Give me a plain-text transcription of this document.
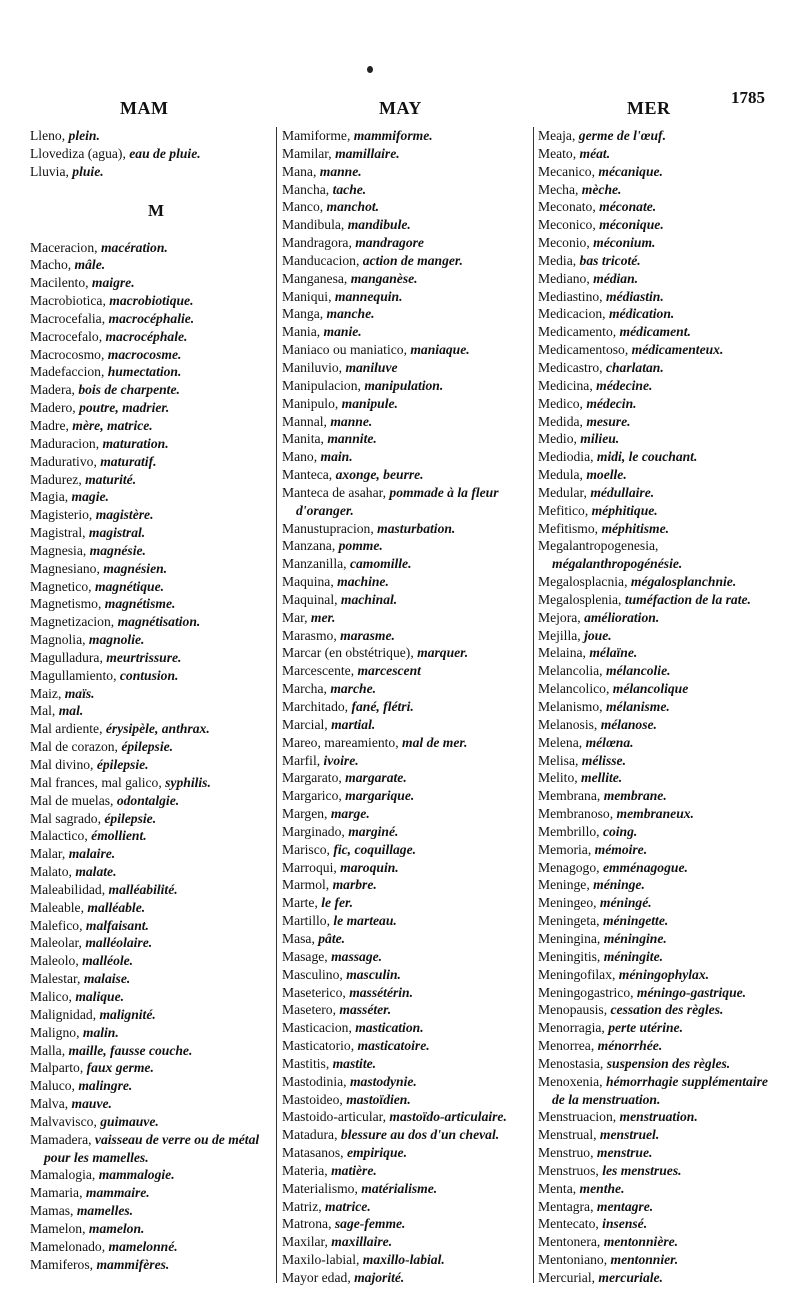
MAM	MAY	MER
1785
Lleno, plein.
Llovediza (agua), eau de pluie.
Lluvia, pluie.
M
Maceracion, macération.
Macho, mâle.
Macilento, maigre.
Macrobiotica, macrobiotique.
Macrocefalia, macrocéphalie.
Macrocefalo, macrocéphale.
Macrocosmo, macrocosme.
Madefaccion, humectation.
Madera, bois de charpente.
Madero, poutre, madrier.
Madre, mère, matrice.
Maduracion, maturation.
Madurativo, maturatif.
Madurez, maturité.
Magia, magie.
Magisterio, magistère.
Magistral, magistral.
Magnesia, magnésie.
Magnesiano, magnésien.
Magnetico, magnétique.
Magnetismo, magnétisme.
Magnetizacion, magnétisation.
Magnolia, magnolie.
Magulladura, meurtrissure.
Magullamiento, contusion.
Maiz, maïs.
Mal, mal.
Mal ardiente, érysipèle, anthrax.
Mal de corazon, épilepsie.
Mal divino, épilepsie.
Mal frances, mal galico, syphilis.
Mal de muelas, odontalgie.
Mal sagrado, épilepsie.
Malactico, émollient.
Malar, malaire.
Malato, malate.
Maleabilidad, malléabilité.
Maleable, malléable.
Malefico, malfaisant.
Maleolar, malléolaire.
Maleolo, malléole.
Malestar, malaise.
Malico, malique.
Malignidad, malignité.
Maligno, malin.
Malla, maille, fausse couche.
Malparto, faux germe.
Maluco, malingre.
Malva, mauve.
Malvavisco, guimauve.
Mamadera, vaisseau de verre ou de métal pour les mamelles.
Mamalogia, mammalogie.
Mamaria, mammaire.
Mamas, mamelles.
Mamelon, mamelon.
Mamelonado, mamelonné.
Mamiferos, mammifères.
Mamiforme, mammiforme.
Mamilar, mamillaire.
Mana, manne.
Mancha, tache.
Manco, manchot.
Mandibula, mandibule.
Mandragora, mandragore
Manducacion, action de manger.
Manganesa, manganèse.
Maniqui, mannequin.
Manga, manche.
Mania, manie.
Maniaco ou maniatico, maniaque.
Maniluvio, maniluve
Manipulacion, manipulation.
Manipulo, manipule.
Mannal, manne.
Manita, mannite.
Mano, main.
Manteca, axonge, beurre.
Manteca de asahar, pommade à la fleur d'oranger.
Manustupracion, masturbation.
Manzana, pomme.
Manzanilla, camomille.
Maquina, machine.
Maquinal, machinal.
Mar, mer.
Marasmo, marasme.
Marcar (en obstétrique), marquer.
Marcescente, marcescent
Marcha, marche.
Marchitado, fané, flétri.
Marcial, martial.
Mareo, mareamiento, mal de mer.
Marfil, ivoire.
Margarato, margarate.
Margarico, margarique.
Margen, marge.
Marginado, marginé.
Marisco, fic, coquillage.
Marroqui, maroquin.
Marmol, marbre.
Marte, le fer.
Martillo, le marteau.
Masa, pâte.
Masage, massage.
Masculino, masculin.
Maseterico, massétérin.
Masetero, masséter.
Masticacion, mastication.
Masticatorio, masticatoire.
Mastitis, mastite.
Mastodinia, mastodynie.
Mastoideo, mastoïdien.
Mastoido-articular, mastoïdo-articulaire.
Matadura, blessure au dos d'un cheval.
Matasanos, empirique.
Materia, matière.
Materialismo, matérialisme.
Matriz, matrice.
Matrona, sage-femme.
Maxilar, maxillaire.
Maxilo-labial, maxillo-labial.
Mayor edad, majorité.
Meaja, germe de l'œuf.
Meato, méat.
Mecanico, mécanique.
Mecha, mèche.
Meconato, méconate.
Meconico, méconique.
Meconio, méconium.
Media, bas tricoté.
Mediano, médian.
Mediastino, médiastin.
Medicacion, médication.
Medicamento, médicament.
Medicamentoso, médicamenteux.
Medicastro, charlatan.
Medicina, médecine.
Medico, médecin.
Medida, mesure.
Medio, milieu.
Mediodia, midi, le couchant.
Medula, moelle.
Medular, médullaire.
Mefitico, méphitique.
Mefitismo, méphitisme.
Megalantropogenesia, mégalanthropogénésie.
Megalosplacnia, mégalosplanchnie.
Megalosplenia, tuméfaction de la rate.
Mejora, amélioration.
Mejilla, joue.
Melaina, mélaïne.
Melancolia, mélancolie.
Melancolico, mélancolique
Melanismo, mélanisme.
Melanosis, mélanose.
Melena, mélœna.
Melisa, mélisse.
Melito, mellite.
Membrana, membrane.
Membranoso, membraneux.
Membrillo, coing.
Memoria, mémoire.
Menagogo, emménagogue.
Meninge, méninge.
Meningeo, méningé.
Meningeta, méningette.
Meningina, méningine.
Meningitis, méningite.
Meningofilax, méningophylax.
Meningogastrico, méningo-gastrique.
Menopausis, cessation des règles.
Menorragia, perte utérine.
Menorrea, ménorrhée.
Menostasia, suspension des règles.
Menoxenia, hémorrhagie supplémentaire de la menstruation.
Menstruacion, menstruation.
Menstrual, menstruel.
Menstruo, menstrue.
Menstruos, les menstrues.
Menta, menthe.
Mentagra, mentagre.
Mentecato, insensé.
Mentonera, mentonnière.
Mentoniano, mentonnier.
Mercurial, mercuriale.
